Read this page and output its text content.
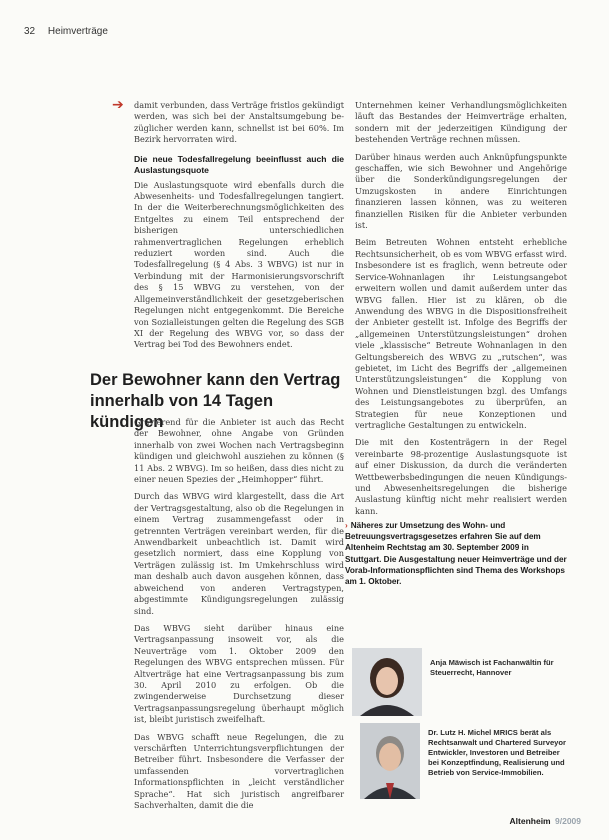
32 Heimverträge
➔ damit verbunden, dass Verträge fristlos gekündigt werden, was sich bei der Anstaltsumgebung be-züglicher werden kann, schnellst ist bei 60%. Im Bezirk hervorraten wird.

Die neue Todesfallregelung beeinflusst auch die Auslastungsquote

Die Auslastungsquote wird ebenfalls durch die Abwesenheits- und Todesfallregelungen tangiert. In der die Weiterberechnungsmöglichkeiten des Entgeltes zu einem Teil entsprechend der bisherigen unterschiedlichen rahmenvertraglichen Regelungen erheblich reduziert worden sind. Auch die Todesfallregelung (§ 4 Abs. 3 WBVG) ist nur in Verbindung mit der Harmonisierungsvorschrift des § 15 WBVG zu verstehen, von der Allgemeinverständlichkeit der gesetzgeberischen Regelungen nicht entgegenkommt. Die Bereiche von Sozialleistungen gelten die Regelung des SGB XI der Regelung des WBVG vor, so dass der Vertrag bei Tod des Bewohners endet.

Der Bewohner kann den Vertrag innerhalb von 14 Tagen kündigen

Gravierend für die Anbieter ist auch das Recht der Bewohner, ohne Angabe von Gründen innerhalb von zwei Wochen nach Vertragsbeginn kündigen und gleichwohl ausziehen zu können (§ 11 Abs. 2 WBVG). Im so heißen, dass dies nicht zu einer neuen Spezies der „Heimhopper“ führt.

Durch das WBVG wird klargestellt, dass die Art der Vertragsgestaltung, also ob die Regelungen in einem Vertrag zusammengefasst oder in getrennten Verträgen vereinbart werden, für die Anwendbarkeit unbeachtlich ist. Damit wird gesetzlich normiert, dass eine Kopplung von Verträgen zulässig ist. Im Umkehrschluss wird man deshalb auch davon ausgehen können, dass abweichend von anderen Vertragstypen, abgestimmte Kündigungsregelungen zulässig sind.

Das WBVG sieht darüber hinaus eine Vertragsanpassung insoweit vor, als die Neuverträge vom 1. Oktober 2009 den Regelungen des WBVG entsprechen müssen. Für Altverträge hat eine Vertragsanpassung bis zum 30. April 2010 zu erfolgen. Ob die zwingenderweise Durchsetzung dieser Vertragsanpassungsregelung überhaupt möglich ist, bleibt juristisch zweifelhaft.

Das WBVG schafft neue Regelungen, die zu verschärften Unterrichtungsverpflichtungen der Betreiber führt. Insbesondere die Verfasser der umfassenden vorvertraglichen Informationspflichten in „leicht verständlicher Sprache“. Hat sich juristisch angreifbarer Sachverhalten, damit die die

Unternehmen keiner Verhandlungsmöglichkeiten läuft das Bestandes der Heimverträge erhalten, sondern mit der jederzeitigen Kündigung der bestehenden Verträge rechnen müssen.

Darüber hinaus werden auch Anknüpfungspunkte geschaffen, wie sich Bewohner und Angehörige über die Sonderkündigungsregelungen der Umzugskosten in andere Einrichtungen finanzieren lassen können, was zu weiteren finanziellen Risiken für die Anbieter verbunden ist.

Beim Betreuten Wohnen entsteht erhebliche Rechtsunsicherheit, ob es vom WBVG erfasst wird. Insbesondere ist es fraglich, wenn betreute oder Service-Wohnanlagen ihr Leistungsangebot erweitern wollen und damit außerdem unter das WBVG fallen. Hier ist zu klären, ob die Anwendung des WBVG in die Dispositionsfreiheit der Anbieter gestellt ist. Infolge des Begriffs der „allgemeinen Unterstützungsleistungen“ drohen viele „klassische“ Betreute Wohnanlagen in den Geltungsbereich des WBVG zu „rutschen“, was gebietet, im Licht des Begriffs der „allgemeinen Unterstützungsleistungen“ die Kopplung von Wohnen und Dienstleistungen bzgl. des Umfangs des Leistungsangebotes zu überprüfen, an Strategien für neue Konzeptionen und vertragliche Gestaltungen zu entwickeln.

Die mit den Kostenträgern in der Regel vereinbarte 98-prozentige Auslastungsquote ist auf einer Diskussion, da durch die veränderten Wettbewerbsbedingungen die neuen Kündigungs- und Abwesenheitsregelungen die bisherige Auslastung künftig nicht mehr realisiert werden kann.

› Näheres zur Umsetzung des Wohn- und Betreuungsvertragsgesetzes erfahren Sie auf dem Altenheim Rechtstag am 30. September 2009 in Stuttgart. Die Ausgestaltung neuer Heimverträge und der Vorab-Informationspflichten sind Thema des Workshops am 1. Oktober.
Anja Mäwisch ist Fachanwältin für Steuerrecht, Hannover
Dr. Lutz H. Michel MRICS berät als Rechtsanwalt und Chartered Surveyor Entwickler, Investoren und Betreiber bei Konzeptfindung, Realisierung und Betrieb von Service-Immobilien.
Altenheim 9/2009
